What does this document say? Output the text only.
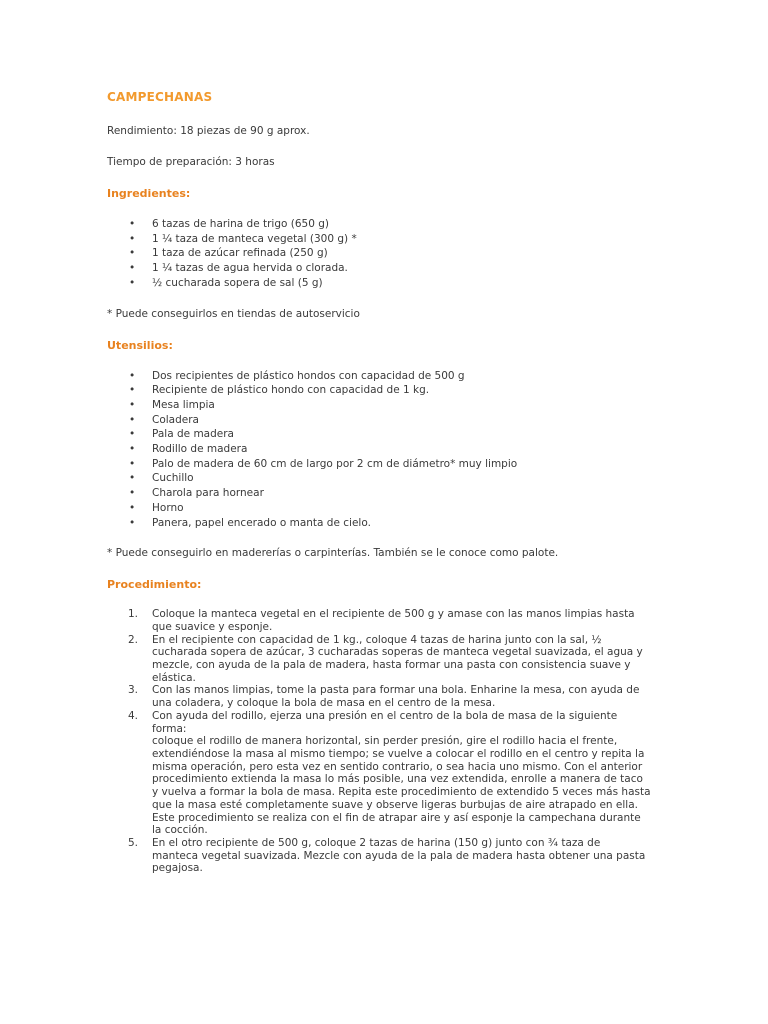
CAMPECHANAS

Rendimiento: 18 piezas de 90 g aprox.

Tiempo de preparación: 3 horas

Ingredientes:
• 6 tazas de harina de trigo (650 g)
• 1 ¼ taza de manteca vegetal (300 g) *
• 1 taza de azúcar refinada (250 g)
• 1 ¼ tazas de agua hervida o clorada.
• ½ cucharada sopera de sal (5 g)

* Puede conseguirlos en tiendas de autoservicio

Utensilios:
• Dos recipientes de plástico hondos con capacidad de 500 g
• Recipiente de plástico hondo con capacidad de 1 kg.
• Mesa limpia
• Coladera
• Pala de madera
• Rodillo de madera
• Palo de madera de 60 cm de largo por 2 cm de diámetro* muy limpio
• Cuchillo
• Charola para hornear
• Horno
• Panera, papel encerado o manta de cielo.

* Puede conseguirlo en madererías o carpinterías. También se le conoce como palote.

Procedimiento:
1. Coloque la manteca vegetal en el recipiente de 500 g y amase con las manos limpias hasta
que suavice y esponje.
2. En el recipiente con capacidad de 1 kg., coloque 4 tazas de harina junto con la sal, ½
cucharada sopera de azúcar, 3 cucharadas soperas de manteca vegetal suavizada, el agua y
mezcle, con ayuda de la pala de madera, hasta formar una pasta con consistencia suave y
elástica.
3. Con las manos limpias, tome la pasta para formar una bola. Enharine la mesa, con ayuda de
una coladera, y coloque la bola de masa en el centro de la mesa.
4. Con ayuda del rodillo, ejerza una presión en el centro de la bola de masa de la siguiente
forma:
coloque el rodillo de manera horizontal, sin perder presión, gire el rodillo hacia el frente,
extendiéndose la masa al mismo tiempo; se vuelve a colocar el rodillo en el centro y repita la
misma operación, pero esta vez en sentido contrario, o sea hacia uno mismo. Con el anterior
procedimiento extienda la masa lo más posible, una vez extendida, enrolle a manera de taco
y vuelva a formar la bola de masa. Repita este procedimiento de extendido 5 veces más hasta
que la masa esté completamente suave y observe ligeras burbujas de aire atrapado en ella.
Este procedimiento se realiza con el fin de atrapar aire y así esponje la campechana durante
la cocción.
5. En el otro recipiente de 500 g, coloque 2 tazas de harina (150 g) junto con ¾ taza de
manteca vegetal suavizada. Mezcle con ayuda de la pala de madera hasta obtener una pasta
pegajosa.
